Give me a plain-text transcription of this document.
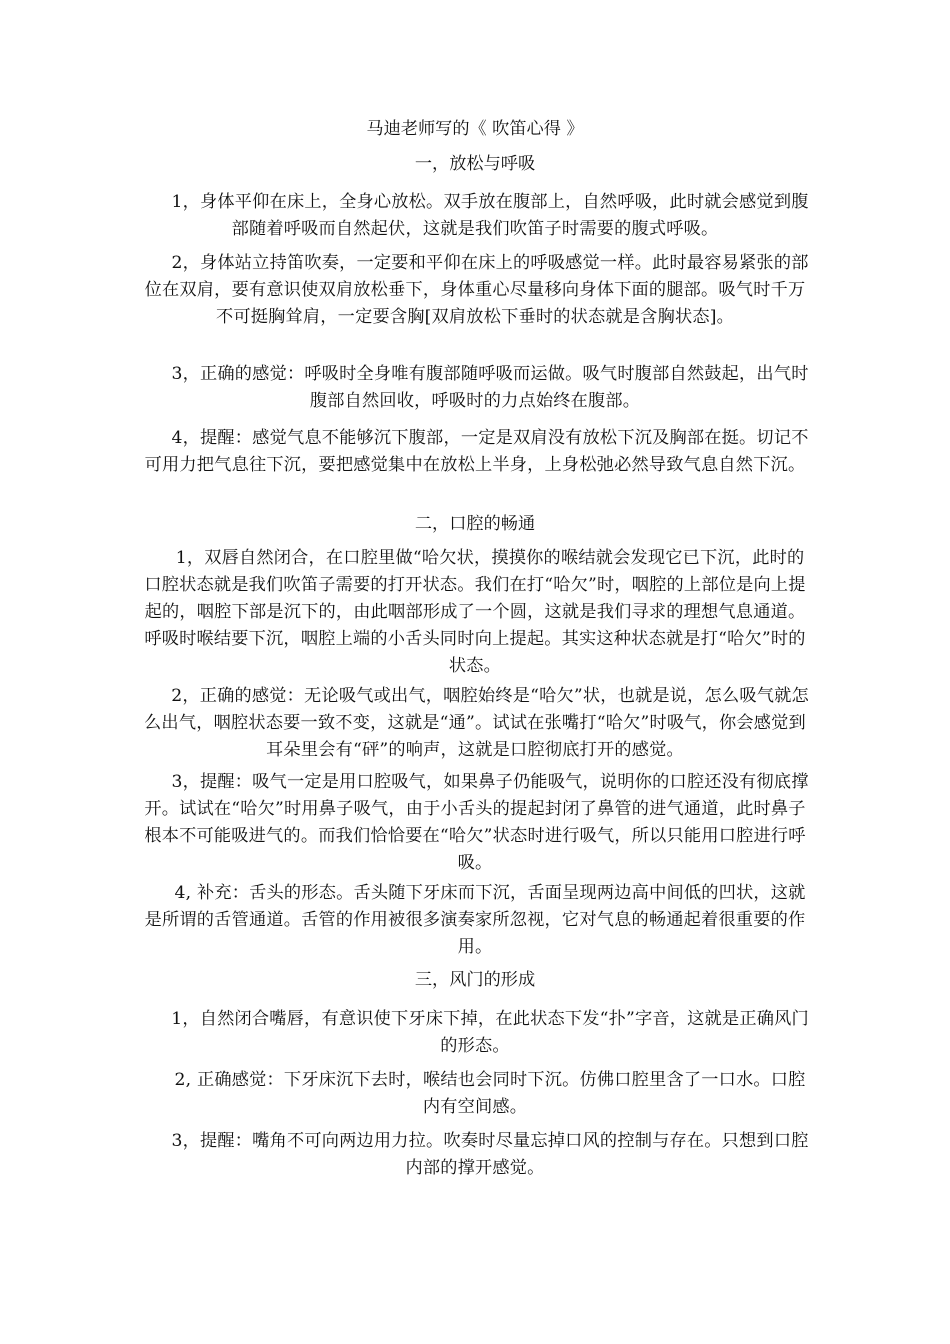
马迪老师写的《 吹笛心得 》

一，放松与呼吸

1，身体平仰在床上，全身心放松。双手放在腹部上，自然呼吸，此时就会感觉到腹部随着呼吸而自然起伏，这就是我们吹笛子时需要的腹式呼吸。

2，身体站立持笛吹奏，一定要和平仰在床上的呼吸感觉一样。此时最容易紧张的部位在双肩，要有意识使双肩放松垂下，身体重心尽量移向身体下面的腿部。吸气时千万不可挺胸耸肩，一定要含胸[双肩放松下垂时的状态就是含胸状态]。

3，正确的感觉：呼吸时全身唯有腹部随呼吸而运做。吸气时腹部自然鼓起，出气时腹部自然回收，呼吸时的力点始终在腹部。

4，提醒：感觉气息不能够沉下腹部，一定是双肩没有放松下沉及胸部在挺。切记不可用力把气息往下沉，要把感觉集中在放松上半身，上身松弛必然导致气息自然下沉。

二，口腔的畅通

1，双唇自然闭合，在口腔里做“哈欠状，摸摸你的喉结就会发现它已下沉，此时的口腔状态就是我们吹笛子需要的打开状态。我们在打“哈欠”时，咽腔的上部位是向上提起的，咽腔下部是沉下的，由此咽部形成了一个圆，这就是我们寻求的理想气息通道。呼吸时喉结要下沉，咽腔上端的小舌头同时向上提起。其实这种状态就是打“哈欠”时的状态。

2，正确的感觉：无论吸气或出气，咽腔始终是“哈欠”状，也就是说，怎么吸气就怎么出气，咽腔状态要一致不变，这就是“通”。试试在张嘴打“哈欠”时吸气，你会感觉到耳朵里会有“砰”的响声，这就是口腔彻底打开的感觉。

3，提醒：吸气一定是用口腔吸气，如果鼻子仍能吸气，说明你的口腔还没有彻底撑开。试试在“哈欠”时用鼻子吸气，由于小舌头的提起封闭了鼻管的进气通道，此时鼻子根本不可能吸进气的。而我们恰恰要在“哈欠”状态时进行吸气，所以只能用口腔进行呼吸。

4, 补充：舌头的形态。舌头随下牙床而下沉，舌面呈现两边高中间低的凹状，这就是所谓的舌管通道。舌管的作用被很多演奏家所忽视，它对气息的畅通起着很重要的作用。

三，风门的形成

1，自然闭合嘴唇，有意识使下牙床下掉，在此状态下发“扑”字音，这就是正确风门的形态。

2, 正确感觉：下牙床沉下去时，喉结也会同时下沉。仿佛口腔里含了一口水。口腔内有空间感。

3，提醒：嘴角不可向两边用力拉。吹奏时尽量忘掉口风的控制与存在。只想到口腔内部的撑开感觉。
